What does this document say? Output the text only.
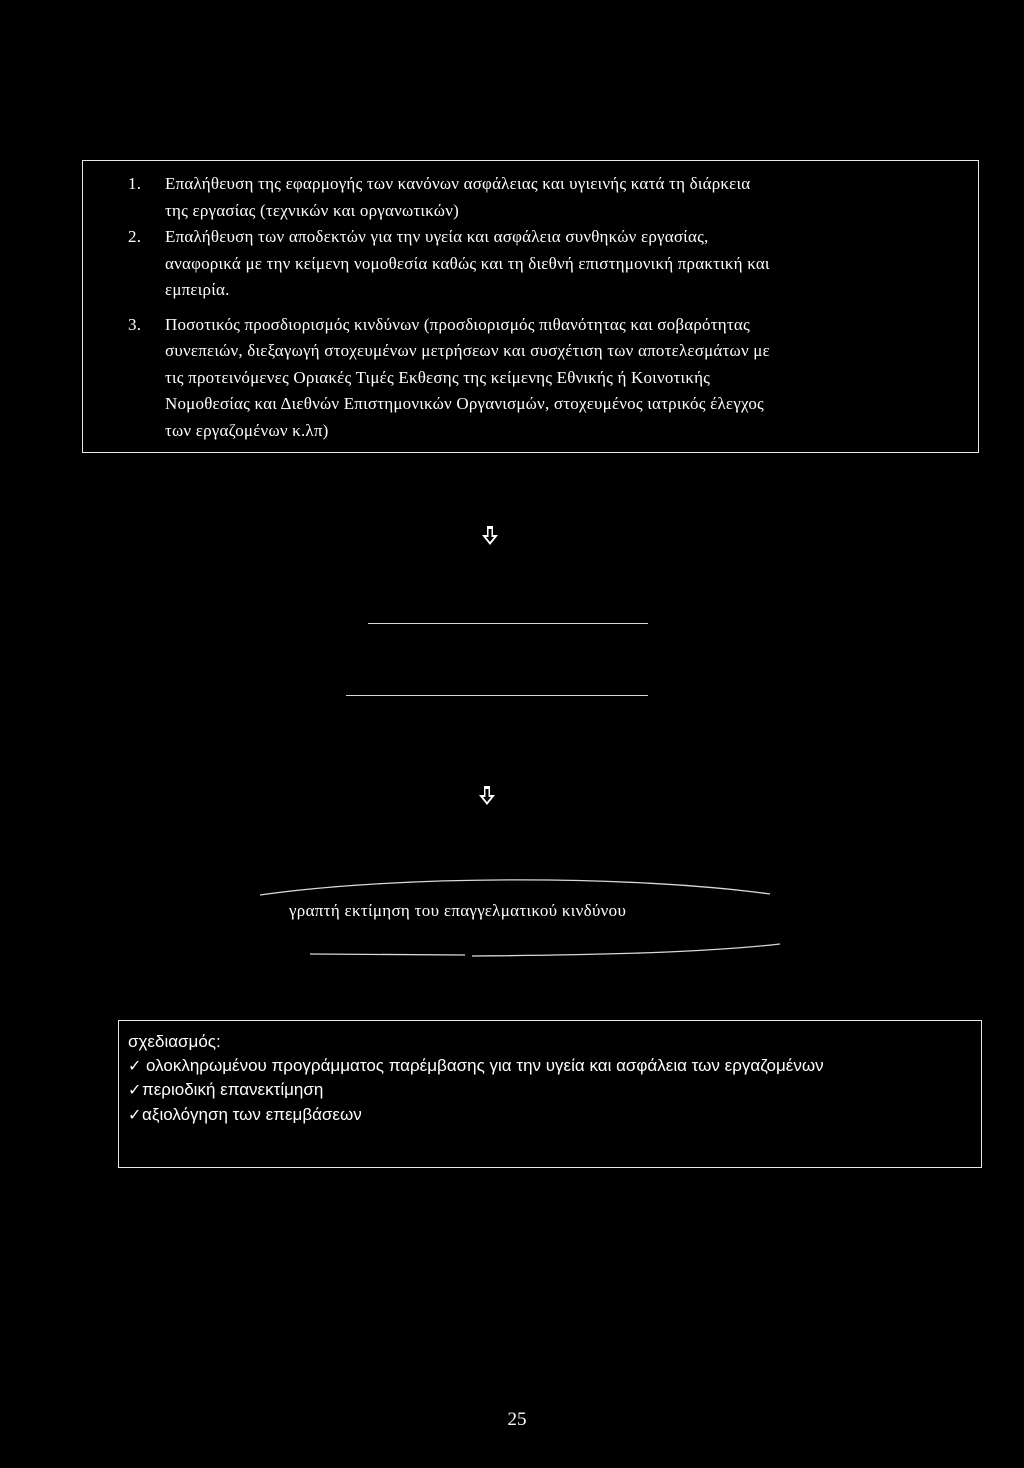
1.	Επαλήθευση της εφαρμογής των κανόνων ασφάλειας και υγιεινής κατά τη διάρκεια
της εργασίας (τεχνικών και οργανωτικών)
2.	Επαλήθευση των αποδεκτών για την υγεία και ασφάλεια συνθηκών εργασίας,
αναφορικά με την κείμενη νομοθεσία καθώς και τη διεθνή επιστημονική πρακτική και
εμπειρία.
3.	Ποσοτικός προσδιορισμός κινδύνων (προσδιορισμός πιθανότητας και σοβαρότητας
συνεπειών, διεξαγωγή στοχευμένων μετρήσεων και συσχέτιση των αποτελεσμάτων με
τις προτεινόμενες Οριακές Τιμές Εκθεσης της κείμενης Εθνικής ή Κοινοτικής
Νομοθεσίας και Διεθνών Επιστημονικών Οργανισμών, στοχευμένος ιατρικός έλεγχος
των εργαζομένων κ.λπ)
γραπτή εκτίμηση του επαγγελματικού κινδύνου
σχεδιασμός:
✓ ολοκληρωμένου προγράμματος παρέμβασης για την υγεία και ασφάλεια των εργαζομένων
✓ περιοδική επανεκτίμηση
✓ αξιολόγηση των επεμβάσεων
25
